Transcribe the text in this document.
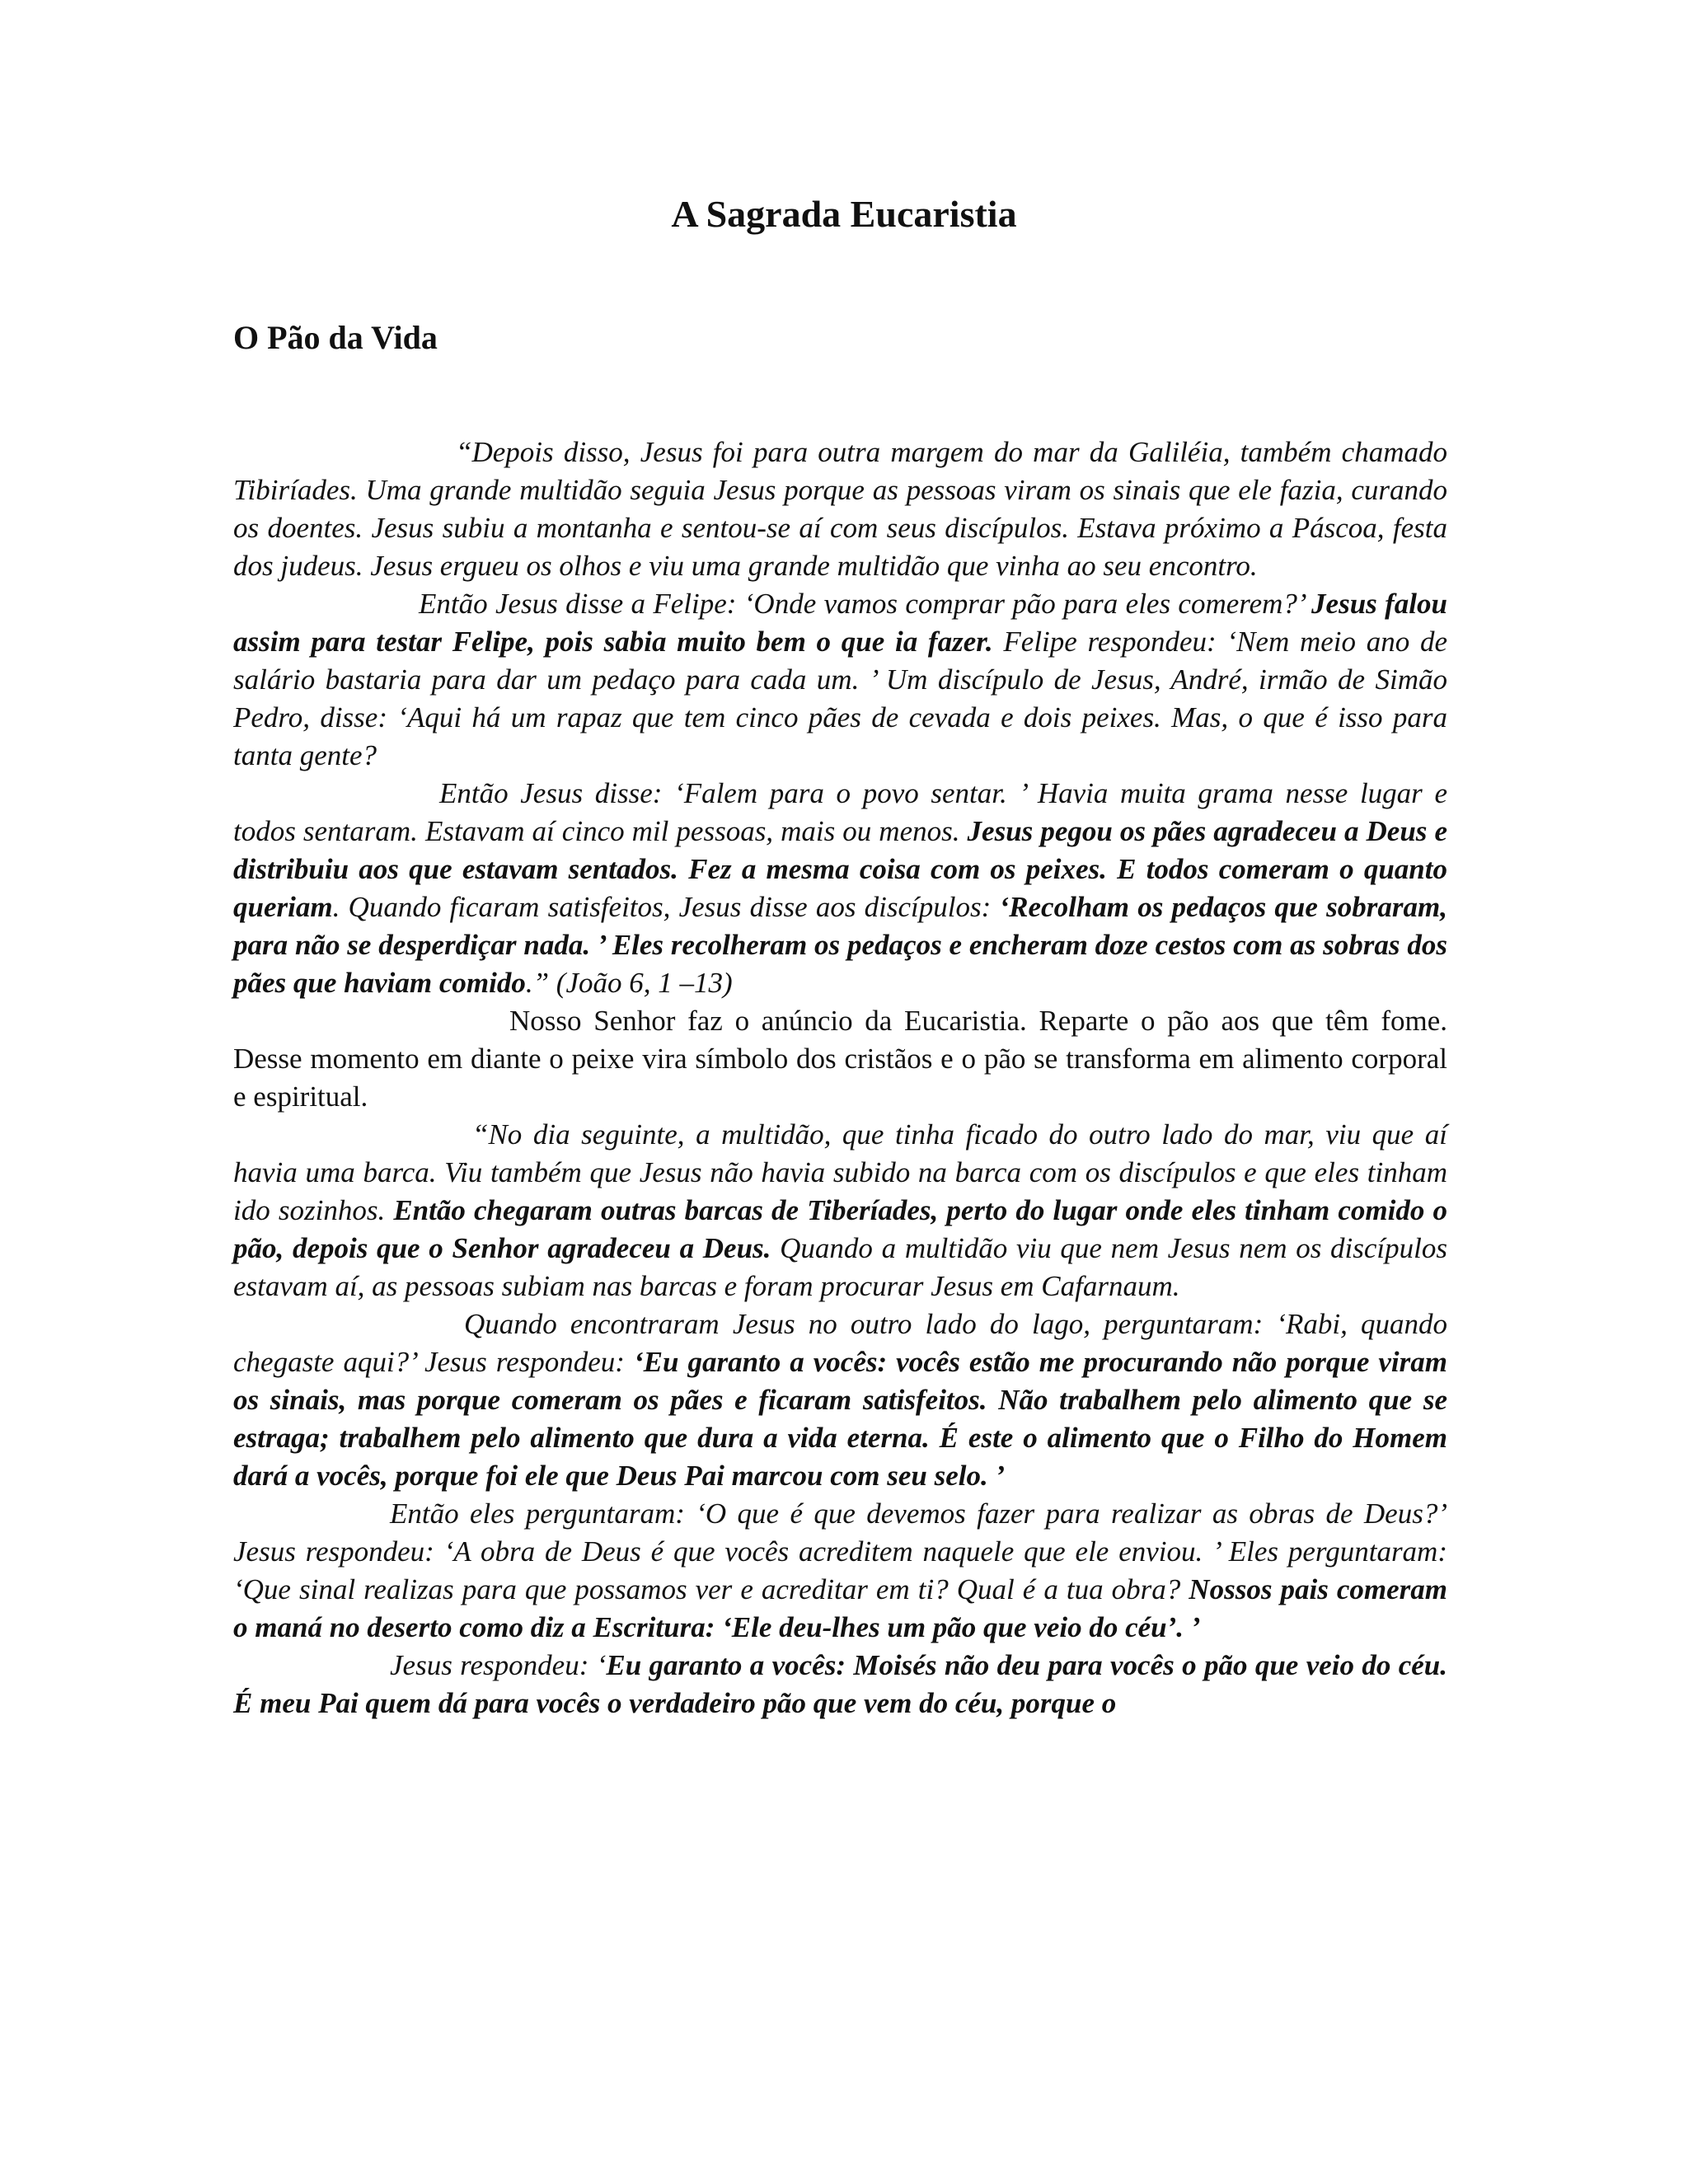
A Sagrada Eucaristia
O Pão da Vida

“Depois disso, Jesus foi para outra margem do mar da Galiléia, também chamado Tibiríades. Uma grande multidão seguia Jesus porque as pessoas viram os sinais que ele fazia, curando os doentes. Jesus subiu a montanha e sentou-se aí com seus discípulos. Estava próximo a Páscoa, festa dos judeus. Jesus ergueu os olhos e viu uma grande multidão que vinha ao seu encontro.

Então Jesus disse a Felipe: ‘Onde vamos comprar pão para eles comerem?’ Jesus falou assim para testar Felipe, pois sabia muito bem o que ia fazer. Felipe respondeu: ‘Nem meio ano de salário bastaria para dar um pedaço para cada um. ’ Um discípulo de Jesus, André, irmão de Simão Pedro, disse: ‘Aqui há um rapaz que tem cinco pães de cevada e dois peixes. Mas, o que é isso para tanta gente?

Então Jesus disse: ‘Falem para o povo sentar. ’ Havia muita grama nesse lugar e todos sentaram. Estavam aí cinco mil pessoas, mais ou menos. Jesus pegou os pães agradeceu a Deus e distribuiu aos que estavam sentados. Fez a mesma coisa com os peixes. E todos comeram o quanto queriam. Quando ficaram satisfeitos, Jesus disse aos discípulos: ‘Recolham os pedaços que sobraram, para não se desperdiçar nada. ’ Eles recolheram os pedaços e encheram doze cestos com as sobras dos pães que haviam comido.” (João 6, 1 –13)

Nosso Senhor faz o anúncio da Eucaristia. Reparte o pão aos que têm fome. Desse momento em diante o peixe vira símbolo dos cristãos e o pão se transforma em alimento corporal e espiritual.

“No dia seguinte, a multidão, que tinha ficado do outro lado do mar, viu que aí havia uma barca. Viu também que Jesus não havia subido na barca com os discípulos e que eles tinham ido sozinhos. Então chegaram outras barcas de Tiberíades, perto do lugar onde eles tinham comido o pão, depois que o Senhor agradeceu a Deus. Quando a multidão viu que nem Jesus nem os discípulos estavam aí, as pessoas subiam nas barcas e foram procurar Jesus em Cafarnaum.

Quando encontraram Jesus no outro lado do lago, perguntaram: ‘Rabi, quando chegaste aqui?’ Jesus respondeu: ‘Eu garanto a vocês: vocês estão me procurando não porque viram os sinais, mas porque comeram os pães e ficaram satisfeitos. Não trabalhem pelo alimento que se estraga; trabalhem pelo alimento que dura a vida eterna. É este o alimento que o Filho do Homem dará a vocês, porque foi ele que Deus Pai marcou com seu selo. ’

Então eles perguntaram: ‘O que é que devemos fazer para realizar as obras de Deus?’ Jesus respondeu: ‘A obra de Deus é que vocês acreditem naquele que ele enviou. ’ Eles perguntaram: ‘Que sinal realizas para que possamos ver e acreditar em ti? Qual é a tua obra? Nossos pais comeram o maná no deserto como diz a Escritura: ‘Ele deu-lhes um pão que veio do céu’. ’

Jesus respondeu: ‘Eu garanto a vocês: Moisés não deu para vocês o pão que veio do céu. É meu Pai quem dá para vocês o verdadeiro pão que vem do céu, porque o
